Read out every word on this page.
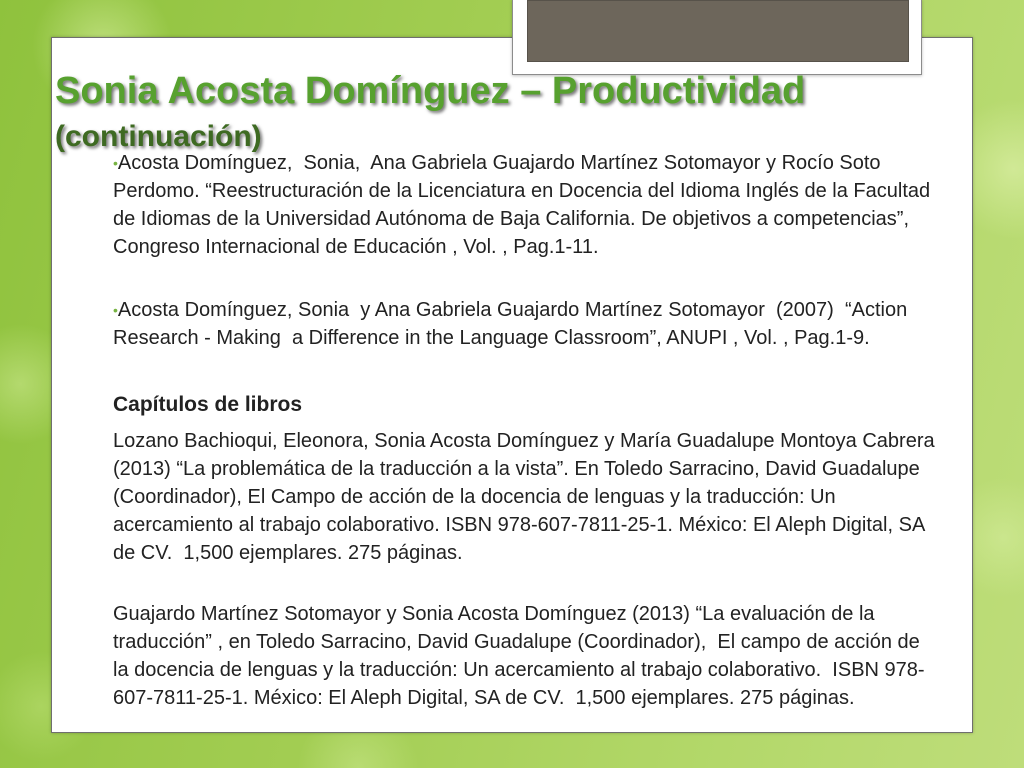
Sonia Acosta Domínguez – Productividad
(continuación)
•Acosta Domínguez,  Sonia,  Ana Gabriela Guajardo Martínez Sotomayor y Rocío Soto
Perdomo. “Reestructuración de la Licenciatura en Docencia del Idioma Inglés de la Facultad
de Idiomas de la Universidad Autónoma de Baja California. De objetivos a competencias”,
Congreso Internacional de Educación , Vol. , Pag.1-11.
•Acosta Domínguez, Sonia  y Ana Gabriela Guajardo Martínez Sotomayor  (2007)  “Action
Research - Making  a Difference in the Language Classroom”, ANUPI , Vol. , Pag.1-9.
Capítulos de libros
Lozano Bachioqui, Eleonora, Sonia Acosta Domínguez y María Guadalupe Montoya Cabrera
(2013) “La problemática de la traducción a la vista”. En Toledo Sarracino, David Guadalupe
(Coordinador), El Campo de acción de la docencia de lenguas y la traducción: Un
acercamiento al trabajo colaborativo. ISBN 978-607-7811-25-1. México: El Aleph Digital, SA
de CV.  1,500 ejemplares. 275 páginas.
Guajardo Martínez Sotomayor y Sonia Acosta Domínguez (2013) “La evaluación de la
traducción” , en Toledo Sarracino, David Guadalupe (Coordinador),  El campo de acción de
la docencia de lenguas y la traducción: Un acercamiento al trabajo colaborativo.  ISBN 978-
607-7811-25-1. México: El Aleph Digital, SA de CV.  1,500 ejemplares. 275 páginas.
